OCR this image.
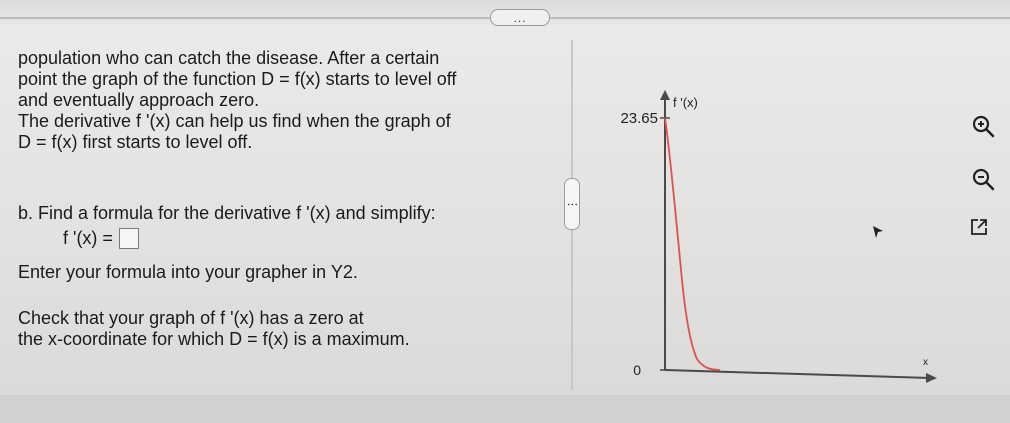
...

population who can catch the disease. After a certain

point the graph of the function D = f(x) starts to level off

and eventually approach zero.

The derivative f '(x) can help us find when the graph of

D = f(x) first starts to level off.

b. Find a formula for the derivative f '(x) and simplify:

f '(x) =

Enter your formula into your grapher in Y2.

Check that your graph of f '(x) has a zero at

the x-coordinate for which D = f(x) is a maximum.

⋮
23.65
0
f '(x)
x
